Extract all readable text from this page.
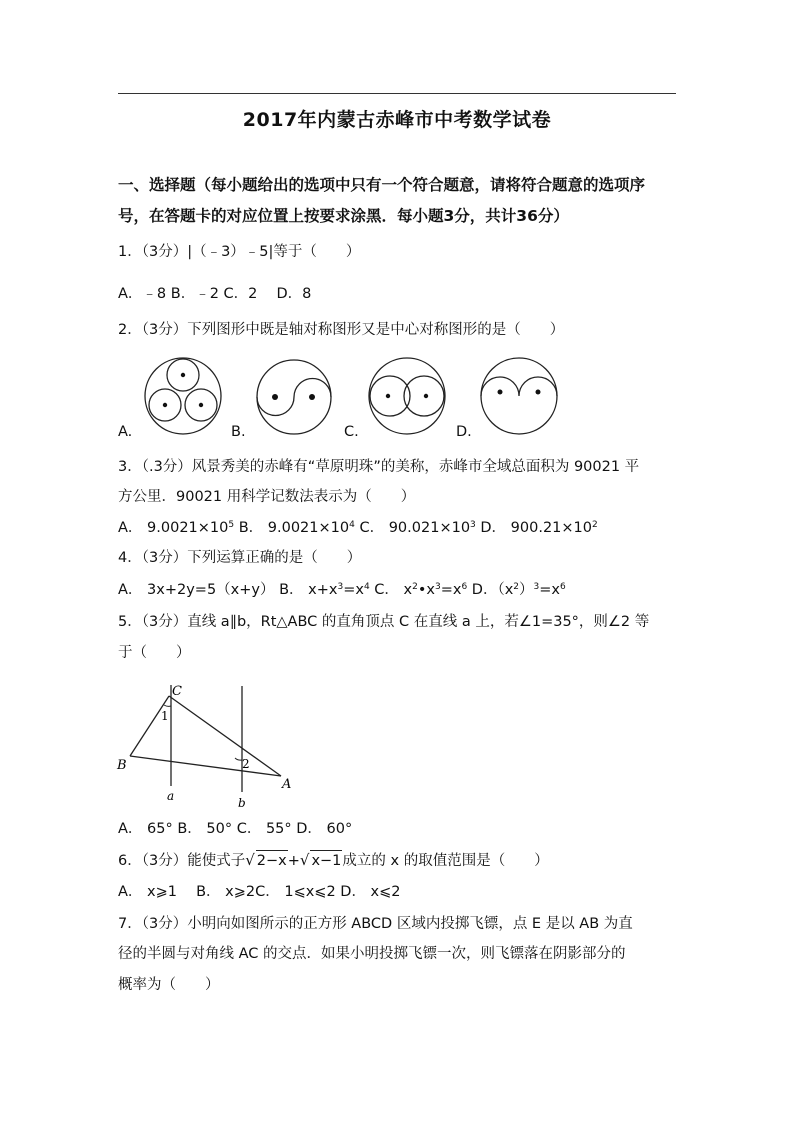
2017年内蒙古赤峰市中考数学试卷
一、选择题（每小题给出的选项中只有一个符合题意，请将符合题意的选项序
号，在答题卡的对应位置上按要求涂黑．每小题3分，共计36分）
1．（3分）|（﹣3）﹣5|等于（　　）
A．﹣8 B．﹣2 C．2　 D．8
2．（3分）下列图形中既是轴对称图形又是中心对称图形的是（　　）
A.	B.	C.	D.
3．（.3分）风景秀美的赤峰有“草原明珠”的美称，赤峰市全域总面积为 90021 平
方公里．90021 用科学记数法表示为（　　）
A． $9.0021\times 10^5$ B． $9.0021\times 10^4$ C． $90.021\times 10^3$ D． $900.21\times 10^2$
4．（3分）下列运算正确的是（　　）
A． 3x+2y=5（x+y） B． $x+x^3=x^4$ C． $x^2•x^3=x^6$ D．$(x^2)^3=x^6$
5．（3分）直线 a∥b，Rt△ABC 的直角顶点 C 在直线 a 上，若∠1=35°，则∠2 等
于（　　）
C
1
B
A
2
a	b
A． 65° B． 50° C． 55° D． 60°
6．（3分）能使式子√ 2−x+√ x−1成立的 x 的取值范围是（　　）
A． x⩾1　 B． x⩾2C． 1⩽x⩽2 D． x⩽2
7．（3分）小明向如图所示的正方形 ABCD 区域内投掷飞镖，点 E 是以 AB 为直
径的半圆与对角线 AC 的交点．如果小明投掷飞镖一次，则飞镖落在阴影部分的
概率为（　　）
